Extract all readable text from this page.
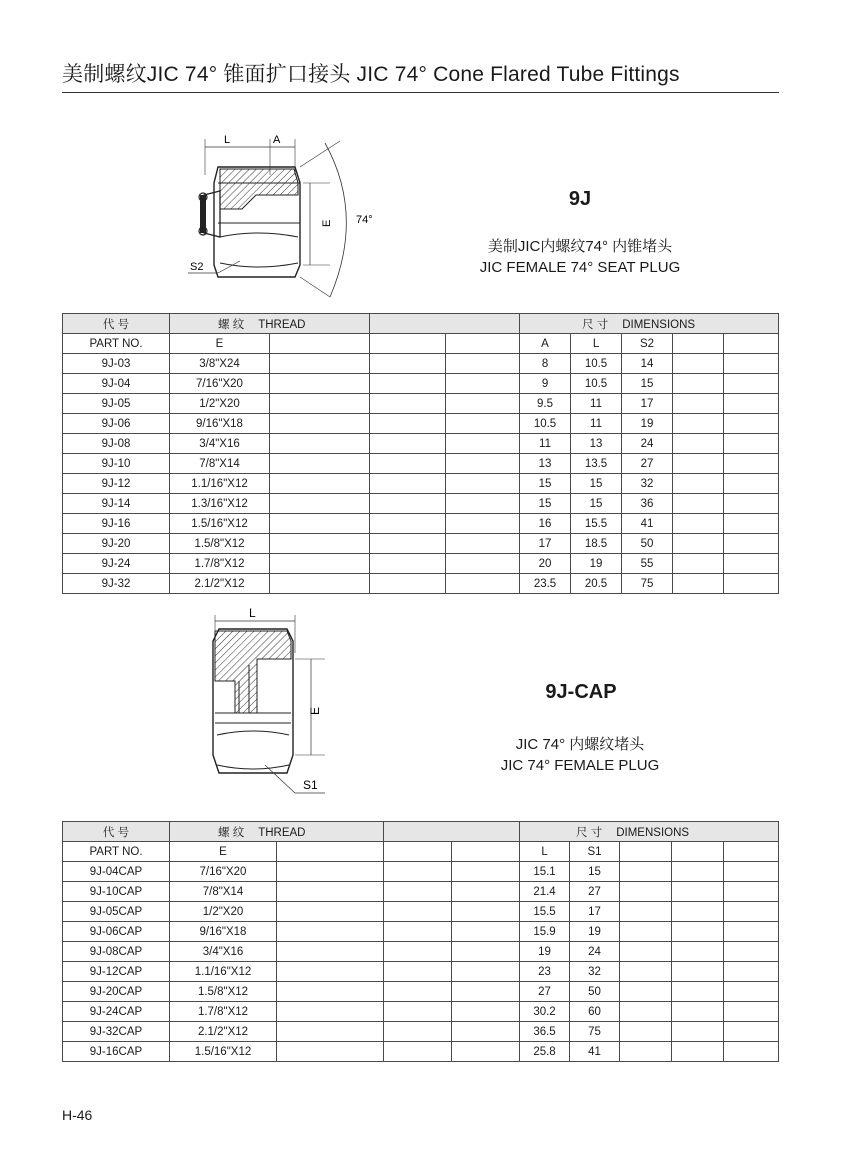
美制螺纹JIC 74° 锥面扩口接头 JIC 74° Cone Flared Tube Fittings
L	A
E 74°
S2
9J
美制JIC内螺纹74° 内锥堵头
JIC FEMALE 74° SEAT PLUG
代 号	螺 纹 THREAD				尺 寸 DIMENSIONS				
PART NO.	E				A	L	S2		
9J-03	3/8"X24				8	10.5	14		
9J-04	7/16"X20				9	10.5	15		
9J-05	1/2"X20				9.5	11	17		
9J-06	9/16"X18				10.5	11	19		
9J-08	3/4"X16				11	13	24		
9J-10	7/8"X14				13	13.5	27		
9J-12	1.1/16"X12				15	15	32		
9J-14	1.3/16"X12				15	15	36		
9J-16	1.5/16"X12				16	15.5	41		
9J-20	1.5/8"X12				17	18.5	50		
9J-24	1.7/8"X12				20	19	55		
9J-32	2.1/2"X12				23.5	20.5	75		
L
E
S1
9J-CAP
JIC 74° 内螺纹堵头
JIC 74° FEMALE PLUG
代 号	螺 纹 THREAD				尺 寸 DIMENSIONS				
PART NO.	E				L	S1			
9J-04CAP	7/16"X20				15.1	15			
9J-10CAP	7/8"X14				21.4	27			
9J-05CAP	1/2"X20				15.5	17			
9J-06CAP	9/16"X18				15.9	19			
9J-08CAP	3/4"X16				19	24			
9J-12CAP	1.1/16"X12				23	32			
9J-20CAP	1.5/8"X12				27	50			
9J-24CAP	1.7/8"X12				30.2	60			
9J-32CAP	2.1/2"X12				36.5	75			
9J-16CAP	1.5/16"X12				25.8	41			
H-46
